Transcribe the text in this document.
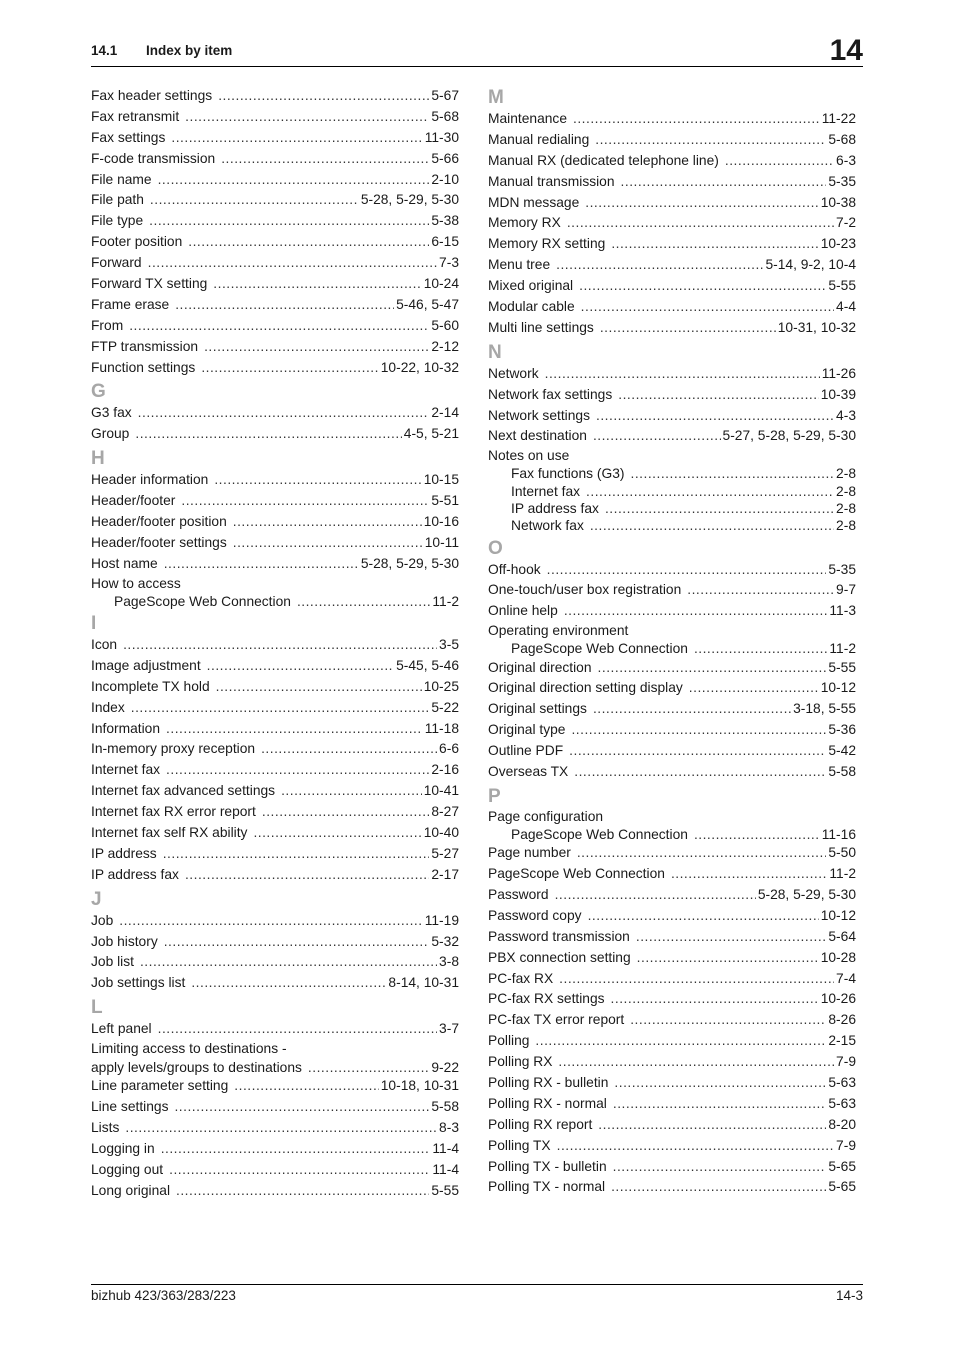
14.1 Index by item	14
Fax header settings .....	5-67
Fax retransmit .....	5-68
Fax settings .....	11-30
F-code transmission .....	5-66
File name .....	2-10
File path .....	5-28, 5-29, 5-30
File type .....	5-38
Footer position .....	6-15
Forward .....	7-3
Forward TX setting .....	10-24
Frame erase .....	5-46, 5-47
From .....	5-60
FTP transmission .....	2-12
Function settings .....	10-22, 10-32
G
G3 fax .....	2-14
Group .....	4-5, 5-21
H
Header information .....	10-15
Header/footer .....	5-51
Header/footer position .....	10-16
Header/footer settings .....	10-11
Host name .....	5-28, 5-29, 5-30
How to access
PageScope Web Connection .....	11-2
I
Icon .....	3-5
Image adjustment .....	5-45, 5-46
Incomplete TX hold .....	10-25
Index .....	5-22
Information .....	11-18
In-memory proxy reception .....	6-6
Internet fax .....	2-16
Internet fax advanced settings .....	10-41
Internet fax RX error report .....	8-27
Internet fax self RX ability .....	10-40
IP address .....	5-27
IP address fax .....	2-17
J
Job .....	11-19
Job history .....	5-32
Job list .....	3-8
Job settings list .....	8-14, 10-31
L
Left panel .....	3-7
Limiting access to destinations -
apply levels/groups to destinations .....	9-22
Line parameter setting .....	10-18, 10-31
Line settings .....	5-58
Lists .....	8-3
Logging in .....	11-4
Logging out .....	11-4
Long original .....	5-55
M
Maintenance .....	11-22
Manual redialing .....	5-68
Manual RX (dedicated telephone line) .....	6-3
Manual transmission .....	5-35
MDN message .....	10-38
Memory RX .....	7-2
Memory RX setting .....	10-23
Menu tree .....	5-14, 9-2, 10-4
Mixed original .....	5-55
Modular cable .....	4-4
Multi line settings .....	10-31, 10-32
N
Network .....	11-26
Network fax settings .....	10-39
Network settings .....	4-3
Next destination .....	5-27, 5-28, 5-29, 5-30
Notes on use
Fax functions (G3) .....	2-8
Internet fax .....	2-8
IP address fax .....	2-8
Network fax .....	2-8
O
Off-hook .....	5-35
One-touch/user box registration .....	9-7
Online help .....	11-3
Operating environment
PageScope Web Connection .....	11-2
Original direction .....	5-55
Original direction setting display .....	10-12
Original settings .....	3-18, 5-55
Original type .....	5-36
Outline PDF .....	5-42
Overseas TX .....	5-58
P
Page configuration
PageScope Web Connection .....	11-16
Page number .....	5-50
PageScope Web Connection .....	11-2
Password .....	5-28, 5-29, 5-30
Password copy .....	10-12
Password transmission .....	5-64
PBX connection setting .....	10-28
PC-fax RX .....	7-4
PC-fax RX settings .....	10-26
PC-fax TX error report .....	8-26
Polling .....	2-15
Polling RX .....	7-9
Polling RX - bulletin .....	5-63
Polling RX - normal .....	5-63
Polling RX report .....	8-20
Polling TX .....	7-9
Polling TX - bulletin .....	5-65
Polling TX - normal .....	5-65
bizhub 423/363/283/223	14-3
